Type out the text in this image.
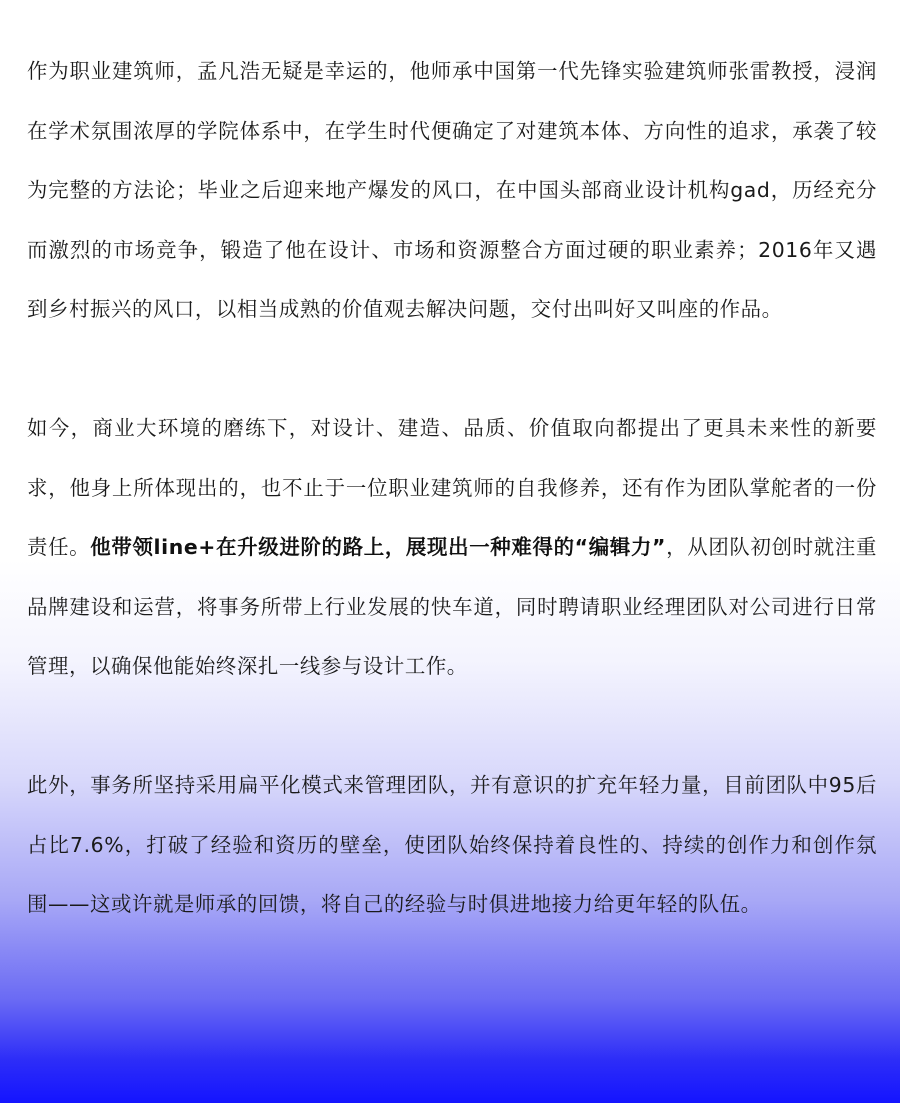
作为职业建筑师，孟凡浩无疑是幸运的，他师承中国第一代先锋实验建筑师张雷教授，浸润在学术氛围浓厚的学院体系中，在学生时代便确定了对建筑本体、方向性的追求，承袭了较为完整的方法论；毕业之后迎来地产爆发的风口，在中国头部商业设计机构gad，历经充分而激烈的市场竞争，锻造了他在设计、市场和资源整合方面过硬的职业素养；2016年又遇到乡村振兴的风口，以相当成熟的价值观去解决问题，交付出叫好又叫座的作品。

如今，商业大环境的磨练下，对设计、建造、品质、价值取向都提出了更具未来性的新要求，他身上所体现出的，也不止于一位职业建筑师的自我修养，还有作为团队掌舵者的一份责任。他带领line+在升级进阶的路上，展现出一种难得的“编辑力”，从团队初创时就注重品牌建设和运营，将事务所带上行业发展的快车道，同时聘请职业经理团队对公司进行日常管理，以确保他能始终深扎一线参与设计工作。

此外，事务所坚持采用扁平化模式来管理团队，并有意识的扩充年轻力量，目前团队中95后占比7.6%，打破了经验和资历的壁垒，使团队始终保持着良性的、持续的创作力和创作氛围——这或许就是师承的回馈，将自己的经验与时俱进地接力给更年轻的队伍。
